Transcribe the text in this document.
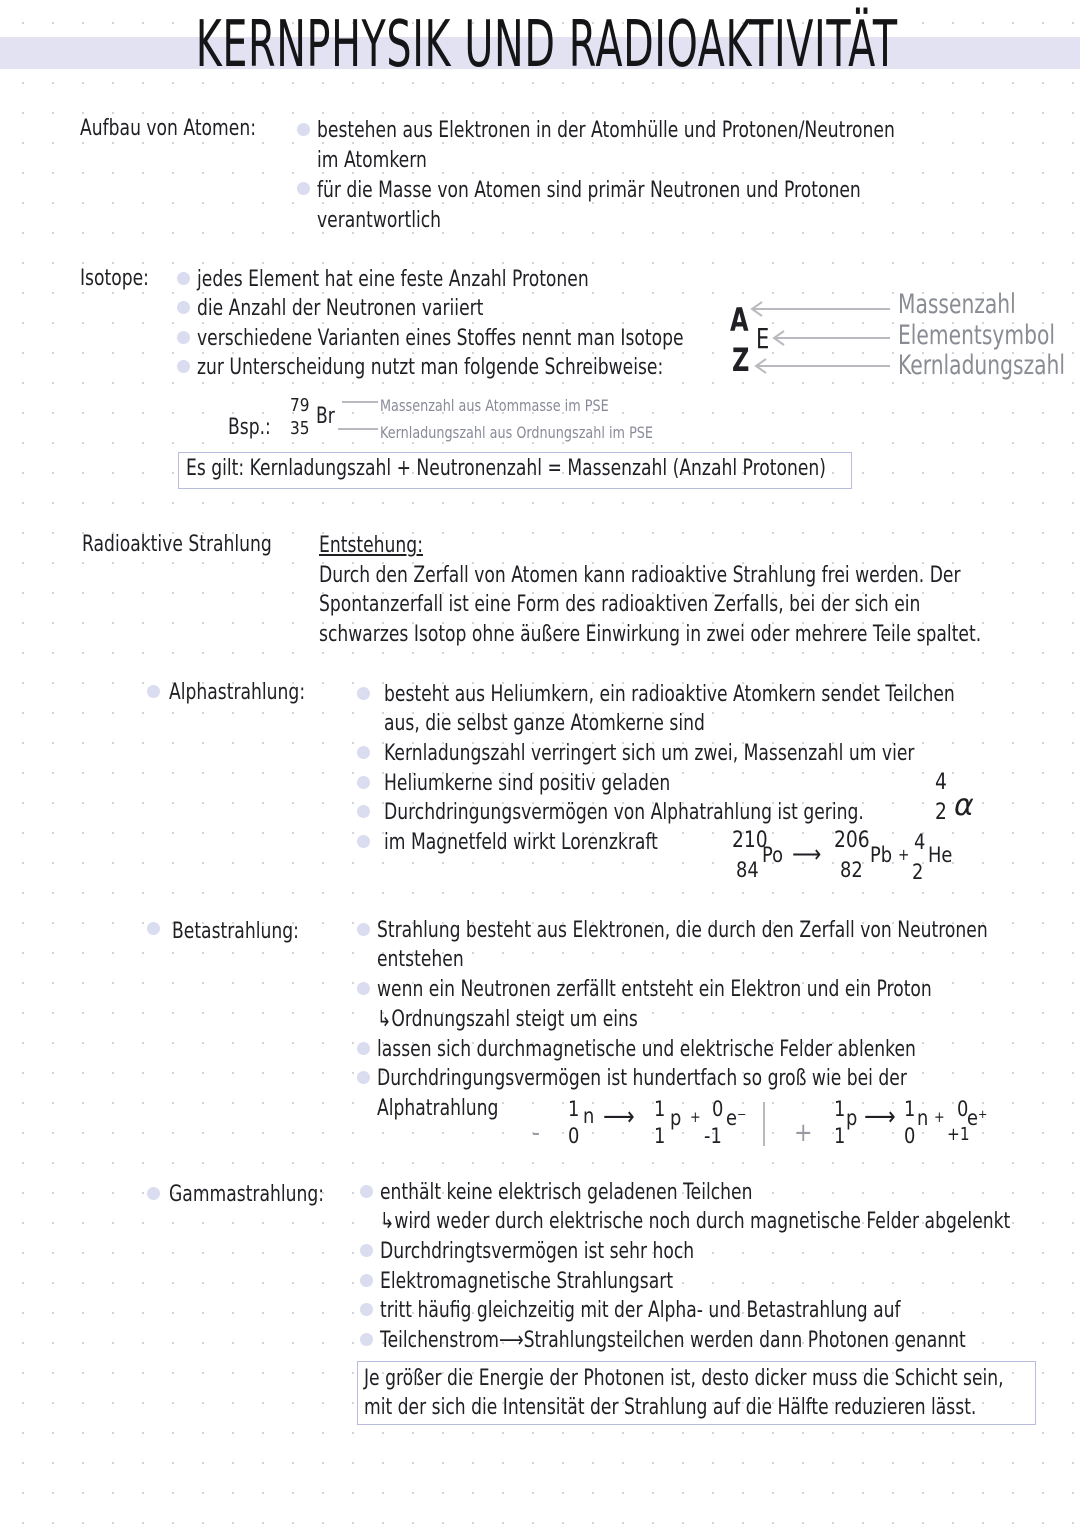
KERNPHYSIK UND RADIOAKTIVITÄT
Aufbau von Atomen:	bestehen aus Elektronen in der Atomhülle und Protonen/Neutronen
im Atomkern
für die Masse von Atomen sind primär Neutronen und Protonen
verantwortlich
Isotope: jedes Element hat eine feste Anzahl Protonen
die Anzahl der Neutronen variiert
verschiedene Varianten eines Stoffes nennt man Isotope
zur Unterscheidung nutzt man folgende Schreibweise:
A E
Z
Massenzahl
Elementsymbol
Kernladungszahl
Bsp.:
79
35 Br	Massenzahl aus Atommasse im PSE
Kernladungszahl aus Ordnungszahl im PSE
Es gilt: Kernladungszahl + Neutronenzahl = Massenzahl (Anzahl Protonen)
Radioaktive Strahlung Entstehung:
Durch den Zerfall von Atomen kann radioaktive Strahlung frei werden. Der
Spontanzerfall ist eine Form des radioaktiven Zerfalls, bei der sich ein
schwarzes Isotop ohne äußere Einwirkung in zwei oder mehrere Teile spaltet.
Alphastrahlung:	besteht aus Heliumkern, ein radioaktive Atomkern sendet Teilchen
aus, die selbst ganze Atomkerne sind
Kernladungszahl verringert sich um zwei, Massenzahl um vier
Heliumkerne sind positiv geladen
Durchdringungsvermögen von Alphatrahlung ist gering.
im Magnetfeld wirkt Lorenzkraft
4
2 α
210
84
Po ⟶ 206
82
Pb +
4
2
He
Betastrahlung:	Strahlung besteht aus Elektronen, die durch den Zerfall von Neutronen
entstehen
wenn ein Neutronen zerfällt entsteht ein Elektron und ein Proton
↳Ordnungszahl steigt um eins
lassen sich durchmagnetische und elektrische Felder ablenken
Durchdringungsvermögen ist hundertfach so groß wie bei der
Alphatrahlung
-
1
0
n ⟶ 1
1
p + 0
-1
e⁻ +
1
1
p ⟶ 1
0
n + 0
+1
e⁺
Gammastrahlung:	enthält keine elektrisch geladenen Teilchen
↳wird weder durch elektrische noch durch magnetische Felder abgelenkt
Durchdringtsvermögen ist sehr hoch
Elektromagnetische Strahlungsart
tritt häufig gleichzeitig mit der Alpha- und Betastrahlung auf
Teilchenstrom⟶Strahlungsteilchen werden dann Photonen genannt
Je größer die Energie der Photonen ist, desto dicker muss die Schicht sein,
mit der sich die Intensität der Strahlung auf die Hälfte reduzieren lässt.
